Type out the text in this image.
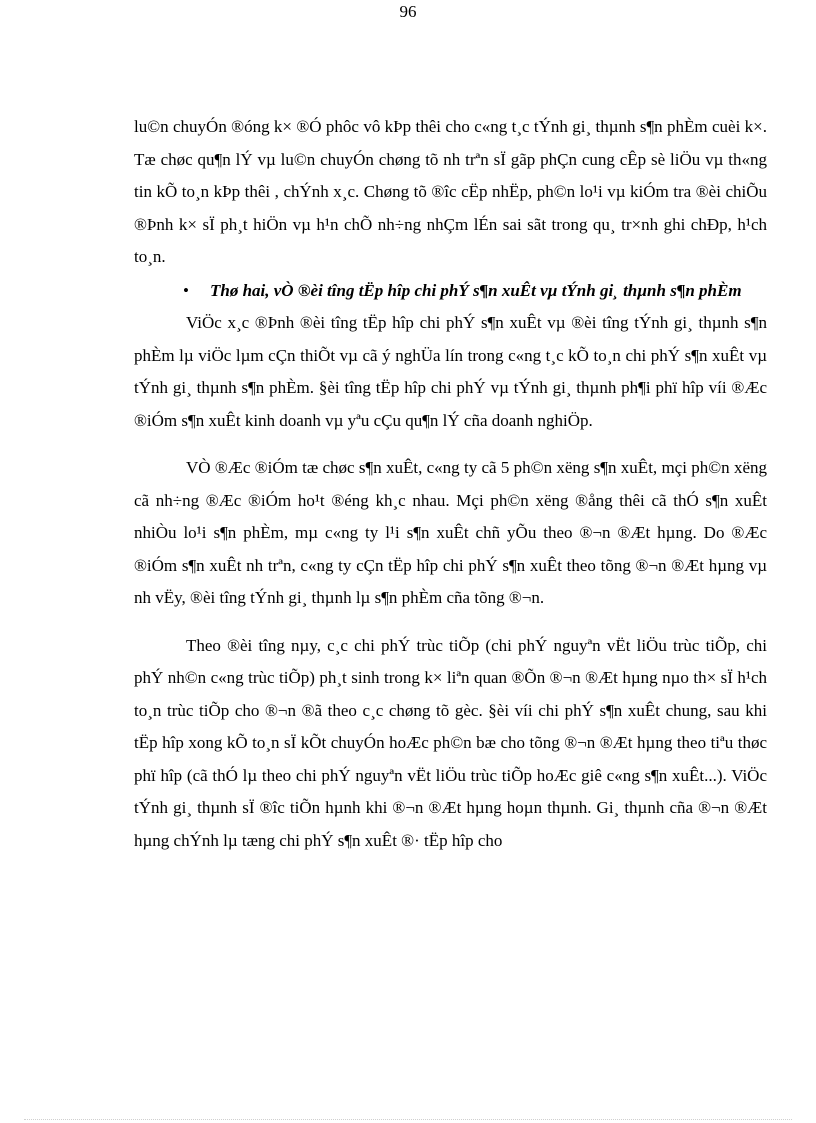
96

lu©n chuyÓn ®óng k× ®Ó phôc vô kÞp thêi cho c«ng t¸c tÝnh gi¸ thµnh s¶n phÈm cuèi k×. Tæ chøc qu¶n lÝ vµ lu©n chuyÓn chøng tõ nh trªn sÏ gãp phÇn cung cÊp sè liÖu vµ th«ng tin kÕ to¸n kÞp thêi , chÝnh x¸c. Chøng tõ ®îc cËp nhËp, ph©n lo¹i vµ kiÓm tra ®èi chiÕu ®Þnh k× sÏ ph¸t hiÖn vµ h¹n chÕ nh÷ng nhÇm lÉn sai sãt trong qu¸ tr×nh ghi chÐp, h¹ch to¸n.

• Thø hai, vÒ ®èi tîng tËp hîp chi phÝ s¶n xuÊt vµ tÝnh gi¸ thµnh s¶n phÈm

ViÖc x¸c ®Þnh ®èi tîng tËp hîp chi phÝ s¶n xuÊt vµ ®èi tîng tÝnh gi¸ thµnh s¶n phÈm lµ viÖc lµm cÇn thiÕt vµ cã ý nghÜa lín trong c«ng t¸c kÕ to¸n chi phÝ s¶n xuÊt vµ tÝnh gi¸ thµnh s¶n phÈm. §èi tîng tËp hîp chi phÝ vµ tÝnh gi¸ thµnh ph¶i phï hîp víi ®Æc ®iÓm s¶n xuÊt kinh doanh vµ yªu cÇu qu¶n lÝ cña doanh nghiÖp.

VÒ ®Æc ®iÓm tæ chøc s¶n xuÊt, c«ng ty cã 5 ph©n xëng s¶n xuÊt, mçi ph©n xëng cã nh÷ng ®Æc ®iÓm ho¹t ®éng kh¸c nhau. Mçi ph©n xëng ®ång thêi cã thÓ s¶n xuÊt nhiÒu lo¹i s¶n phÈm, mµ c«ng ty l¹i s¶n xuÊt chñ yÕu theo ®¬n ®Æt hµng. Do ®Æc ®iÓm s¶n xuÊt nh trªn, c«ng ty cÇn tËp hîp chi phÝ s¶n xuÊt theo tõng ®¬n ®Æt hµng vµ nh vËy, ®èi tîng tÝnh gi¸ thµnh lµ s¶n phÈm cña tõng ®¬n.

Theo ®èi tîng nµy, c¸c chi phÝ trùc tiÕp (chi phÝ nguyªn vËt liÖu trùc tiÕp, chi phÝ nh©n c«ng trùc tiÕp) ph¸t sinh trong k× liªn quan ®Õn ®¬n ®Æt hµng nµo th× sÏ h¹ch to¸n trùc tiÕp cho ®¬n ®ã theo c¸c chøng tõ gèc. §èi víi chi phÝ s¶n xuÊt chung, sau khi tËp hîp xong kÕ to¸n sÏ kÕt chuyÓn hoÆc ph©n bæ cho tõng ®¬n ®Æt hµng theo tiªu thøc phï hîp (cã thÓ lµ theo chi phÝ nguyªn vËt liÖu trùc tiÕp hoÆc giê c«ng s¶n xuÊt...). ViÖc tÝnh gi¸ thµnh sÏ ®îc tiÕn hµnh khi ®¬n ®Æt hµng hoµn thµnh. Gi¸ thµnh cña ®¬n ®Æt hµng chÝnh lµ tæng chi phÝ s¶n xuÊt ®· tËp hîp cho
